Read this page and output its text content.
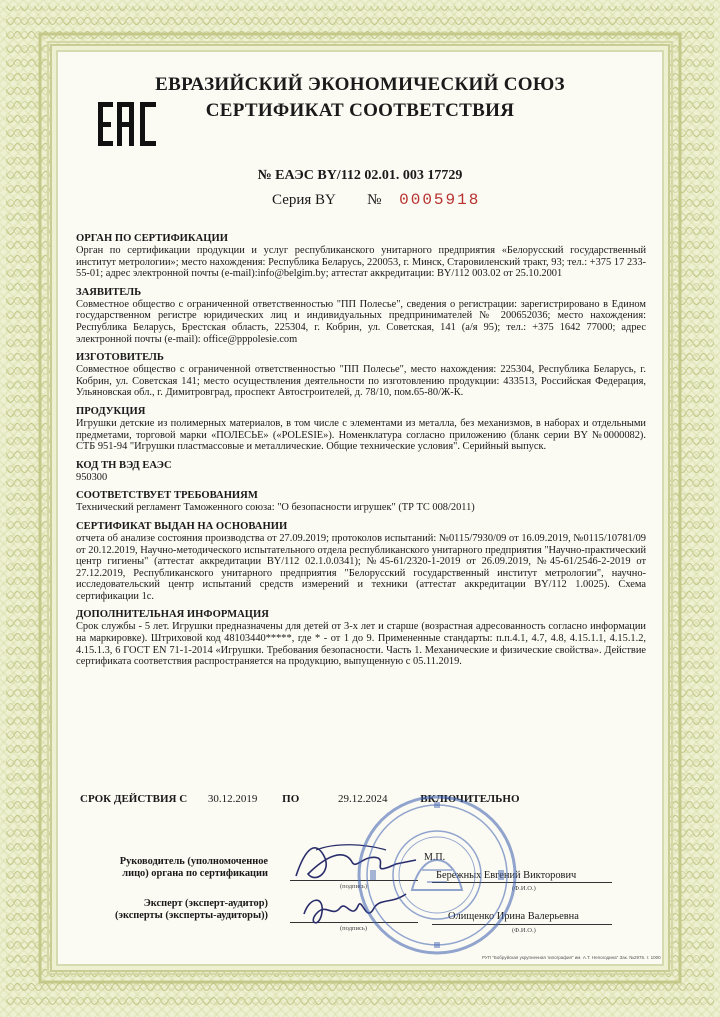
ЕВРАЗИЙСКИЙ ЭКОНОМИЧЕСКИЙ СОЮЗ
СЕРТИФИКАТ СООТВЕТСТВИЯ
№ ЕАЭС BY/112 02.01. 003 17729
Серия BY № 0005918
ОРГАН ПО СЕРТИФИКАЦИИ

Орган по сертификации продукции и услуг республиканского унитарного предприятия «Белорусский государственный институт метрологии»; место нахождения: Республика Беларусь, 220053, г. Минск, Старовиленский тракт, 93; тел.: +375 17 233-55-01; адрес электронной почты (e-mail):info@belgim.by; аттестат аккредитации: BY/112 003.02 от 25.10.2001

ЗАЯВИТЕЛЬ

Совместное общество с ограниченной ответственностью "ПП Полесье", сведения о регистрации: зарегистрировано в Едином государственном регистре юридических лиц и индивидуальных предпринимателей № 200652036; место нахождения: Республика Беларусь, Брестская область, 225304, г. Кобрин, ул. Советская, 141 (а/я 95); тел.: +375 1642 77000; адрес электронной почты (e-mail): office@pppolesie.com

ИЗГОТОВИТЕЛЬ

Совместное общество с ограниченной ответственностью "ПП Полесье", место нахождения: 225304, Республика Беларусь, г. Кобрин, ул. Советская 141; место осуществления деятельности по изготовлению продукции: 433513, Российская Федерация, Ульяновская обл., г. Димитровград, проспект Автостроителей, д. 78/10, пом.65-80/Ж-К.

ПРОДУКЦИЯ

Игрушки детские из полимерных материалов, в том числе с элементами из металла, без механизмов, в наборах и отдельными предметами, торговой марки «ПОЛЕСЬЕ» («POLESIE»). Номенклатура согласно приложению (бланк серии BY №0000082). СТБ 951-94 "Игрушки пластмассовые и металлические. Общие технические условия". Серийный выпуск.

КОД ТН ВЭД ЕАЭС

950300

СООТВЕТСТВУЕТ ТРЕБОВАНИЯМ

Технический регламент Таможенного союза: "О безопасности игрушек" (ТР ТС 008/2011)

СЕРТИФИКАТ ВЫДАН НА ОСНОВАНИИ

отчета об анализе состояния производства от 27.09.2019; протоколов испытаний: №0115/7930/09 от 16.09.2019, №0115/10781/09 от 20.12.2019, Научно-методического испытательного отдела республиканского унитарного предприятия "Научно-практический центр гигиены" (аттестат аккредитации BY/112 02.1.0.0341); №45-61/2320-1-2019 от 26.09.2019, №45-61/2546-2-2019 от 27.12.2019, Республиканского унитарного предприятия "Белорусский государственный институт метрологии", научно-исследовательский центр испытаний средств измерений и техники (аттестат аккредитации BY/112 1.0025). Схема сертификации 1с.

ДОПОЛНИТЕЛЬНАЯ ИНФОРМАЦИЯ

Срок службы - 5 лет. Игрушки предназначены для детей от 3-х лет и старше (возрастная адресованность согласно информации на маркировке). Штриховой код 48103440*****, где * - от 1 до 9. Примененные стандарты: п.п.4.1, 4.7, 4.8, 4.15.1.1, 4.15.1.2, 4.15.1.3, 6 ГОСТ EN 71-1-2014 «Игрушки. Требования безопасности. Часть 1. Механические и физические свойства». Действие сертификата соответствия распространяется на продукцию, выпущенную с 05.11.2019.

СРОК ДЕЙСТВИЯ С 30.12.2019 ПО	29.12.2024	ВКЛЮЧИТЕЛЬНО
Руководитель (уполномоченное
лицо) органа по сертификации
(подпись)
М.П.
Бережных Евгений Викторович
(Ф.И.О.)
Эксперт (эксперт-аудитор)
(эксперты (эксперты-аудиторы))
(подпись)
Олищенко Ирина Валерьевна
(Ф.И.О.)
РУП "Бобруйская укрупненная типография" им. А.Т. Непогодина" Зак. №2976. т. 1000
